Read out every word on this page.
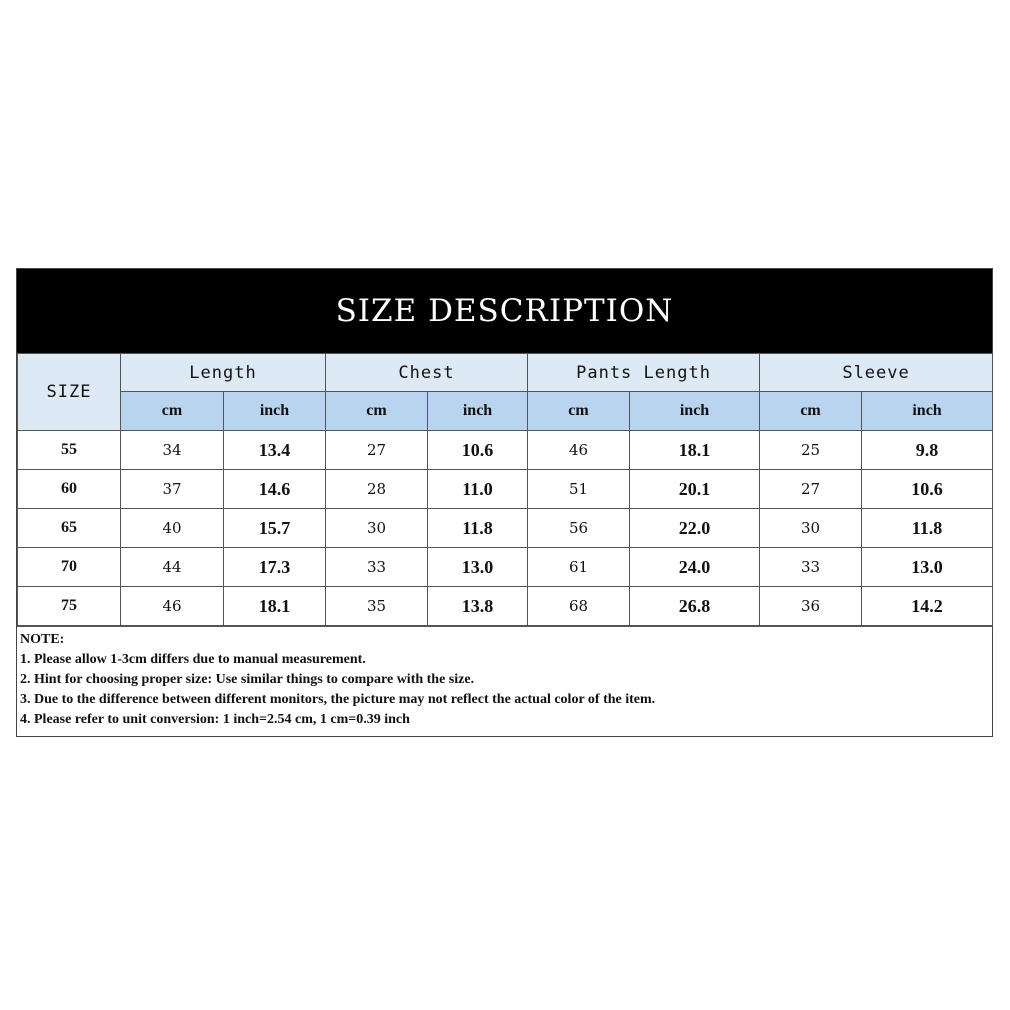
SIZE DESCRIPTION
SIZE	Length		Chest		Pants Length		Sleeve	
	cm	inch	cm	inch	cm	inch	cm	inch
55	34	13.4	27	10.6	46	18.1	25	9.8
60	37	14.6	28	11.0	51	20.1	27	10.6
65	40	15.7	30	11.8	56	22.0	30	11.8
70	44	17.3	33	13.0	61	24.0	33	13.0
75	46	18.1	35	13.8	68	26.8	36	14.2
NOTE:
1. Please allow 1-3cm differs due to manual measurement.
2. Hint for choosing proper size: Use similar things to compare with the size.
3. Due to the difference between different monitors, the picture may not reflect the actual color of the item.
4. Please refer to unit conversion: 1 inch=2.54 cm, 1 cm=0.39 inch
